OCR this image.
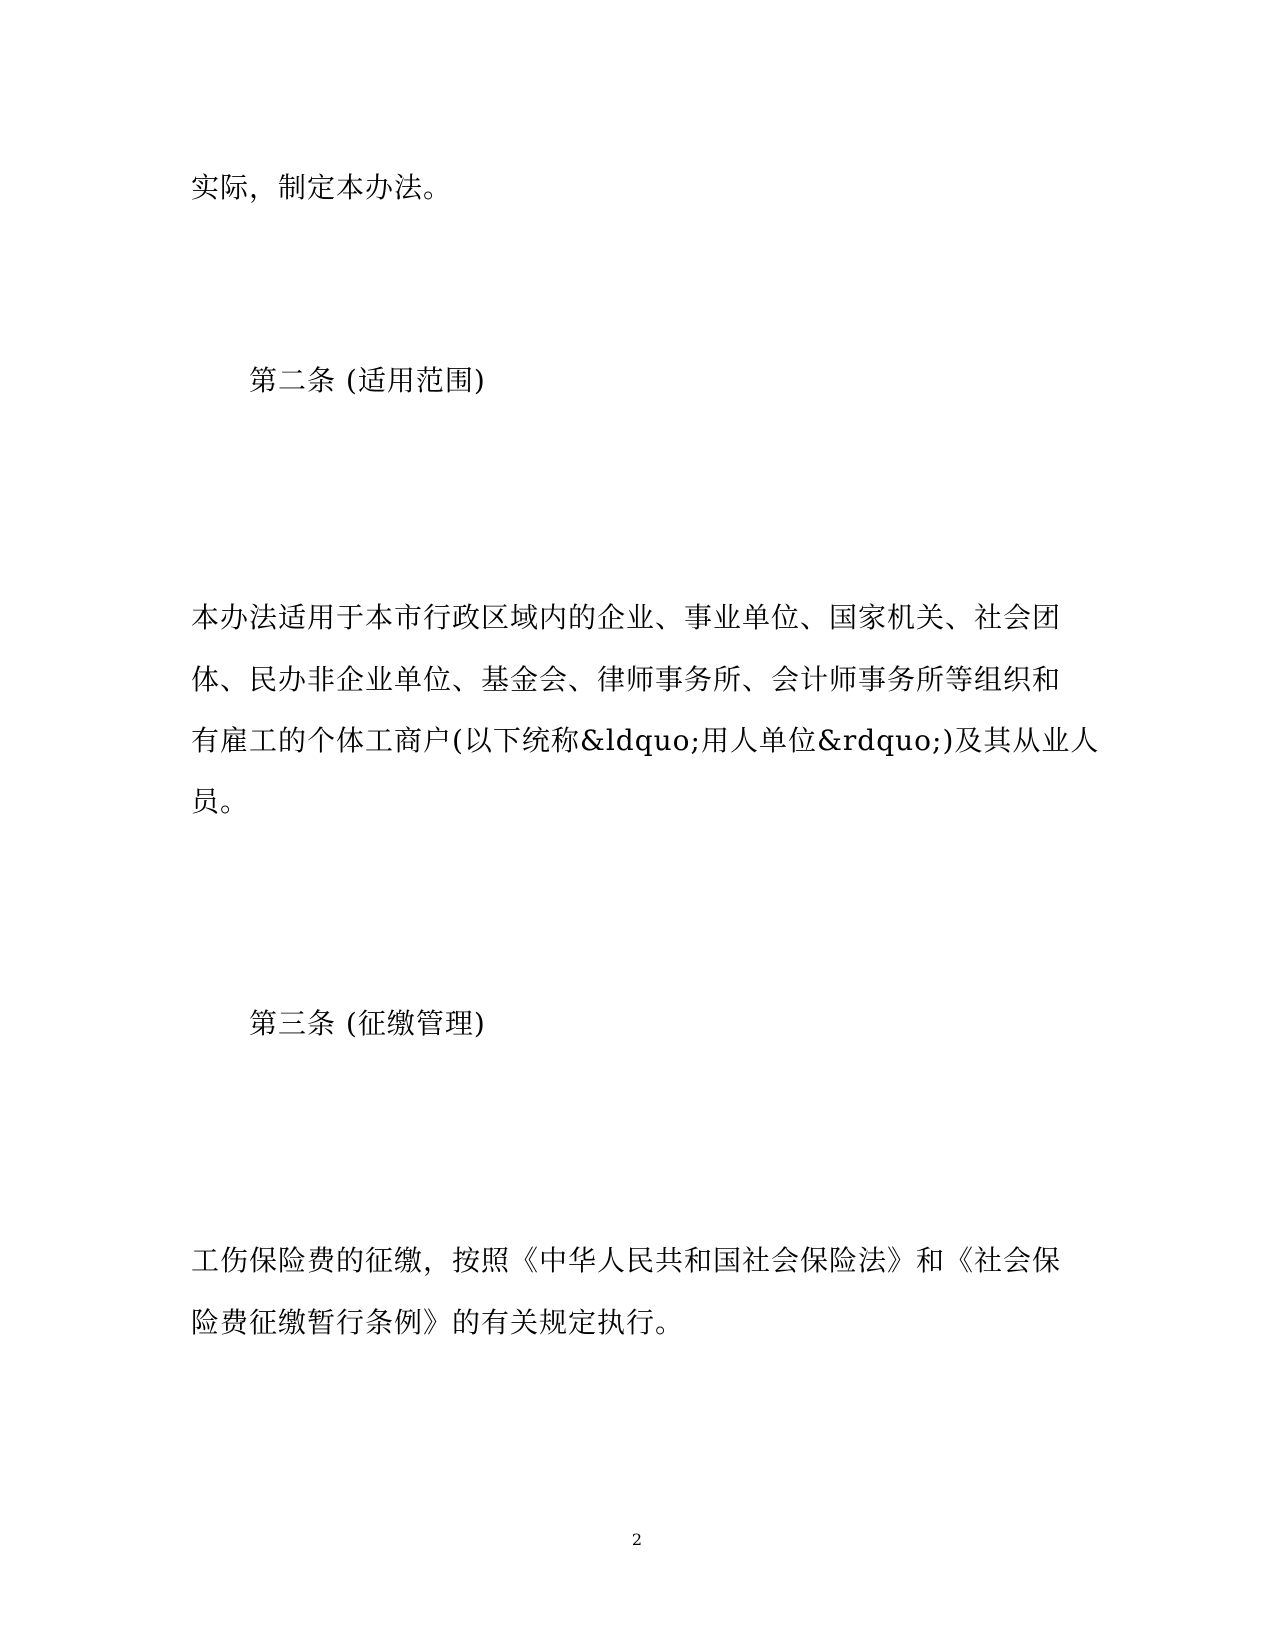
实际，制定本办法。
第二条 (适用范围)
本办法适用于本市行政区域内的企业、事业单位、国家机关、社会团
体、民办非企业单位、基金会、律师事务所、会计师事务所等组织和
有雇工的个体工商户(以下统称&ldquo;用人单位&rdquo;)及其从业人
员。
第三条 (征缴管理)
工伤保险费的征缴，按照《中华人民共和国社会保险法》和《社会保
险费征缴暂行条例》的有关规定执行。
2
